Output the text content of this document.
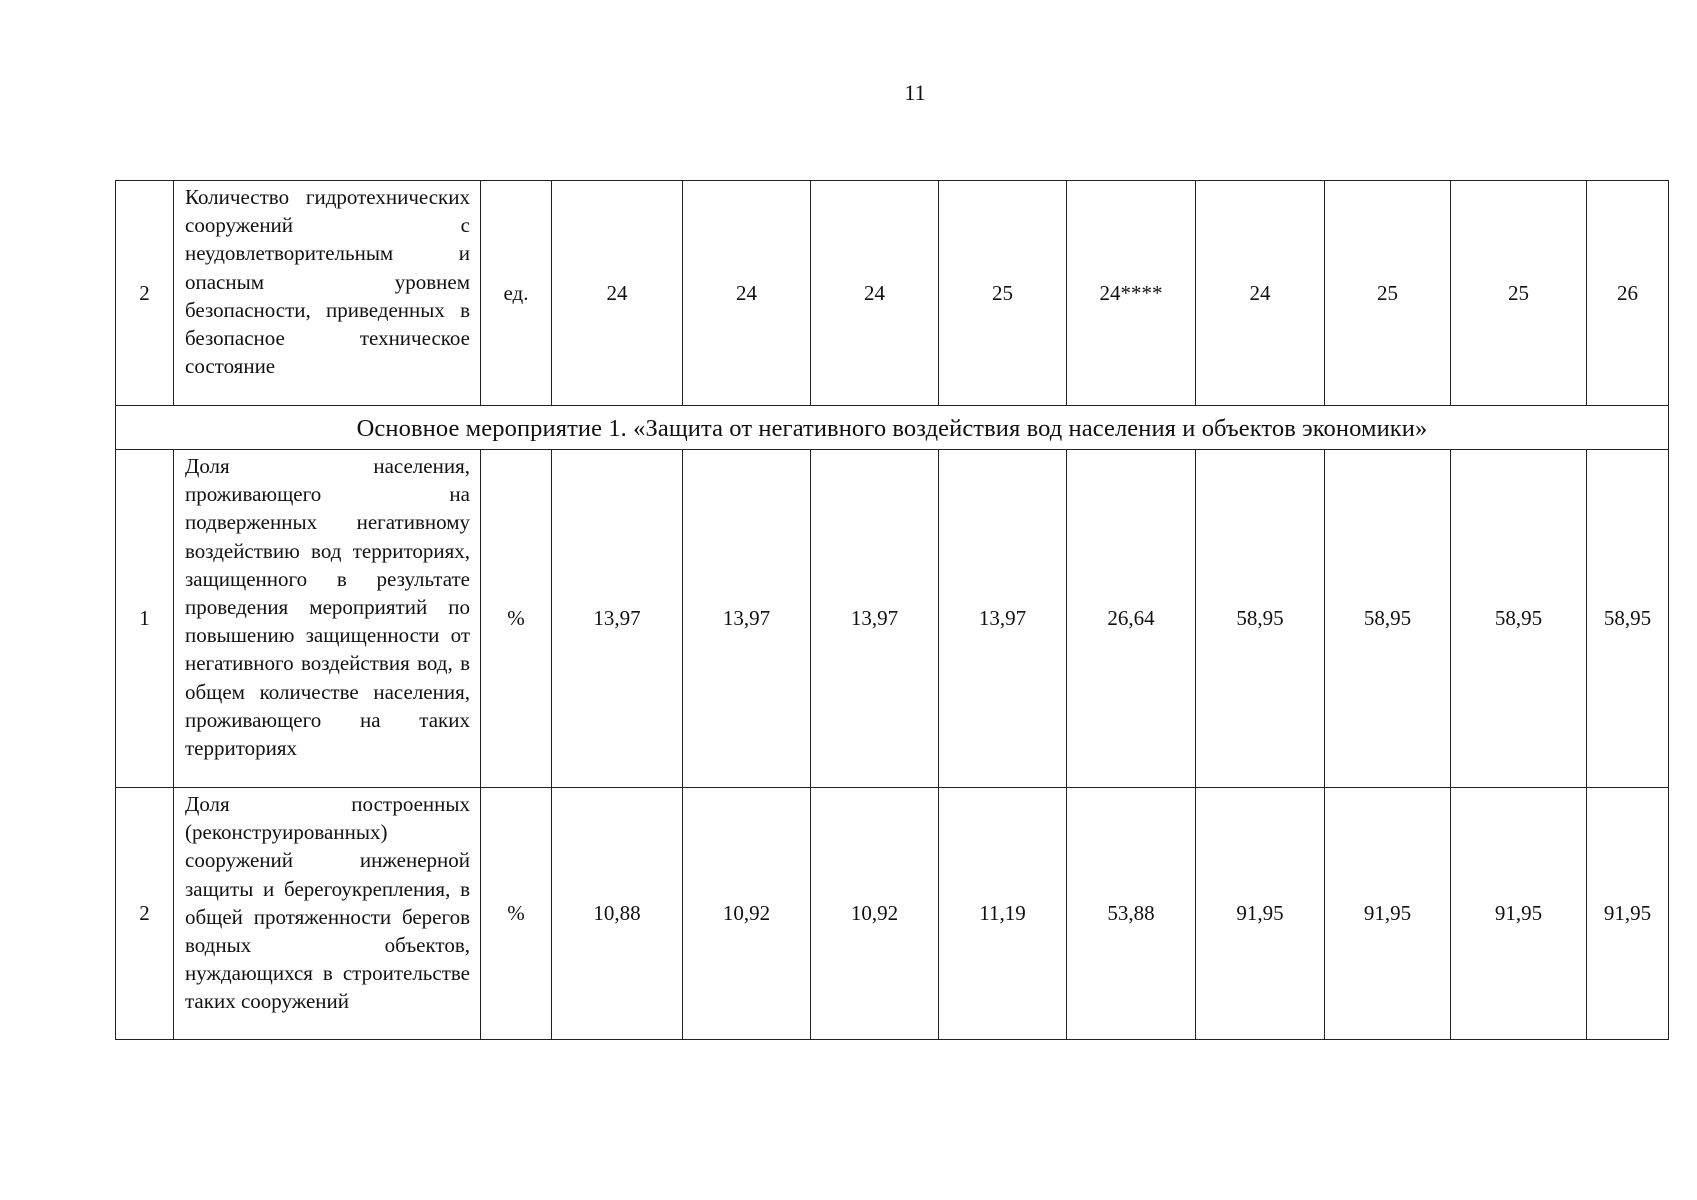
11
2	Количество гидротехнических сооружений с неудовлетворительным и опасным уровнем безопасности, приведенных в безопасное техническое состояние	ед.	24	24	24	25	24****	24	25	25	26
Основное мероприятие 1. «Защита от негативного воздействия вод населения и объектов экономики»											
1	Доля населения, проживающего на подверженных негативному воздействию вод территориях, защищенного в результате проведения мероприятий по повышению защищенности от негативного воздействия вод, в общем количестве населения, проживающего на таких территориях	%	13,97	13,97	13,97	13,97	26,64	58,95	58,95	58,95	58,95
2	Доля построенных (реконструированных) сооружений инженерной защиты и берегоукрепления, в общей протяженности берегов водных объектов, нуждающихся в строительстве таких сооружений	%	10,88	10,92	10,92	11,19	53,88	91,95	91,95	91,95	91,95
